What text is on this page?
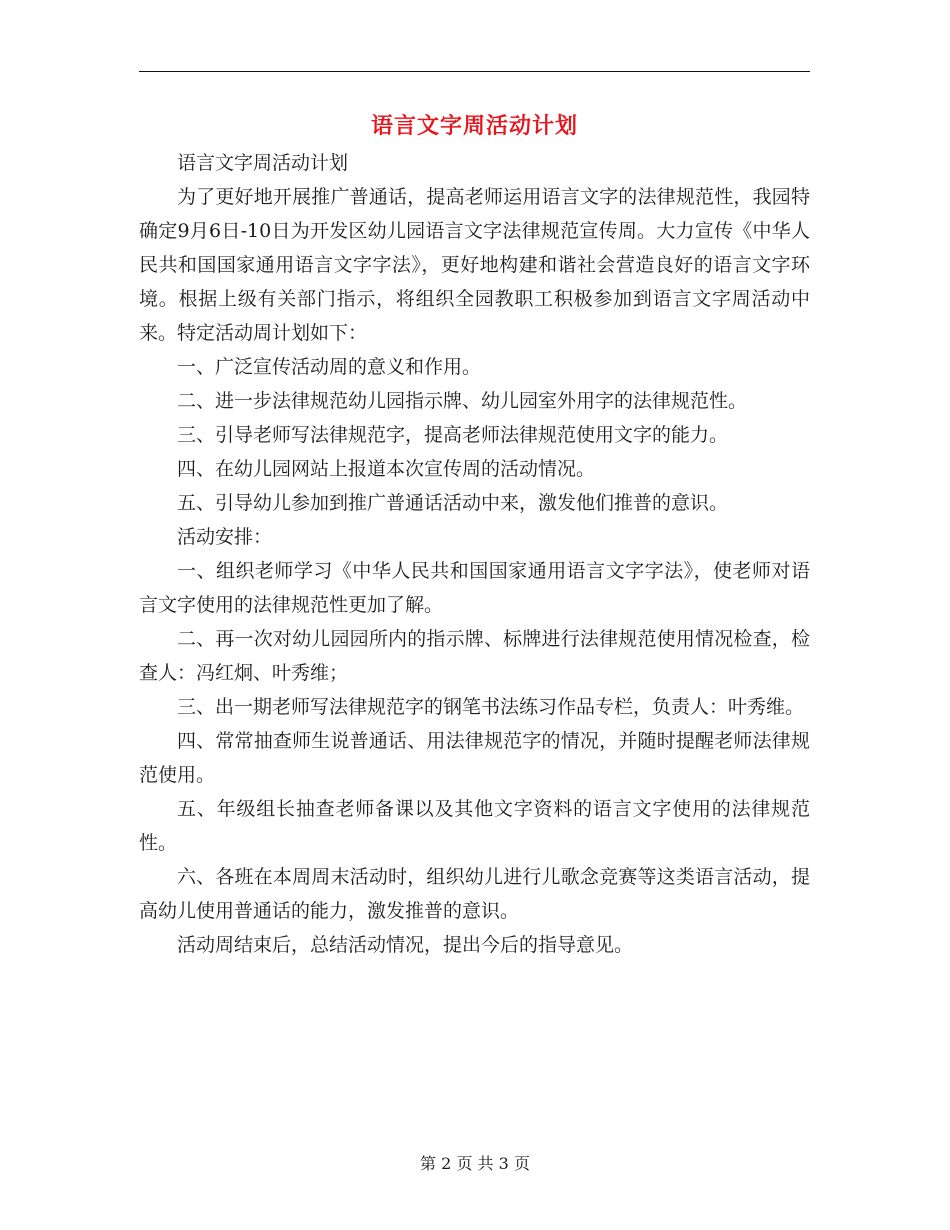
语言文字周活动计划

语言文字周活动计划

为了更好地开展推广普通话，提高老师运用语言文字的法律规范性，我园特确定9月6日-10日为开发区幼儿园语言文字法律规范宣传周。大力宣传《中华人民共和国国家通用语言文字字法》，更好地构建和谐社会营造良好的语言文字环境。根据上级有关部门指示，将组织全园教职工积极参加到语言文字周活动中来。特定活动周计划如下：

一、广泛宣传活动周的意义和作用。

二、进一步法律规范幼儿园指示牌、幼儿园室外用字的法律规范性。

三、引导老师写法律规范字，提高老师法律规范使用文字的能力。

四、在幼儿园网站上报道本次宣传周的活动情况。

五、引导幼儿参加到推广普通话活动中来，激发他们推普的意识。

活动安排：

一、组织老师学习《中华人民共和国国家通用语言文字字法》，使老师对语言文字使用的法律规范性更加了解。

二、再一次对幼儿园园所内的指示牌、标牌进行法律规范使用情况检查，检查人：冯红炯、叶秀维；

三、出一期老师写法律规范字的钢笔书法练习作品专栏，负责人：叶秀维。

四、常常抽查师生说普通话、用法律规范字的情况，并随时提醒老师法律规范使用。

五、年级组长抽查老师备课以及其他文字资料的语言文字使用的法律规范性。

六、各班在本周周末活动时，组织幼儿进行儿歌念竞赛等这类语言活动，提高幼儿使用普通话的能力，激发推普的意识。

活动周结束后，总结活动情况，提出今后的指导意见。

第 2 页 共 3 页
